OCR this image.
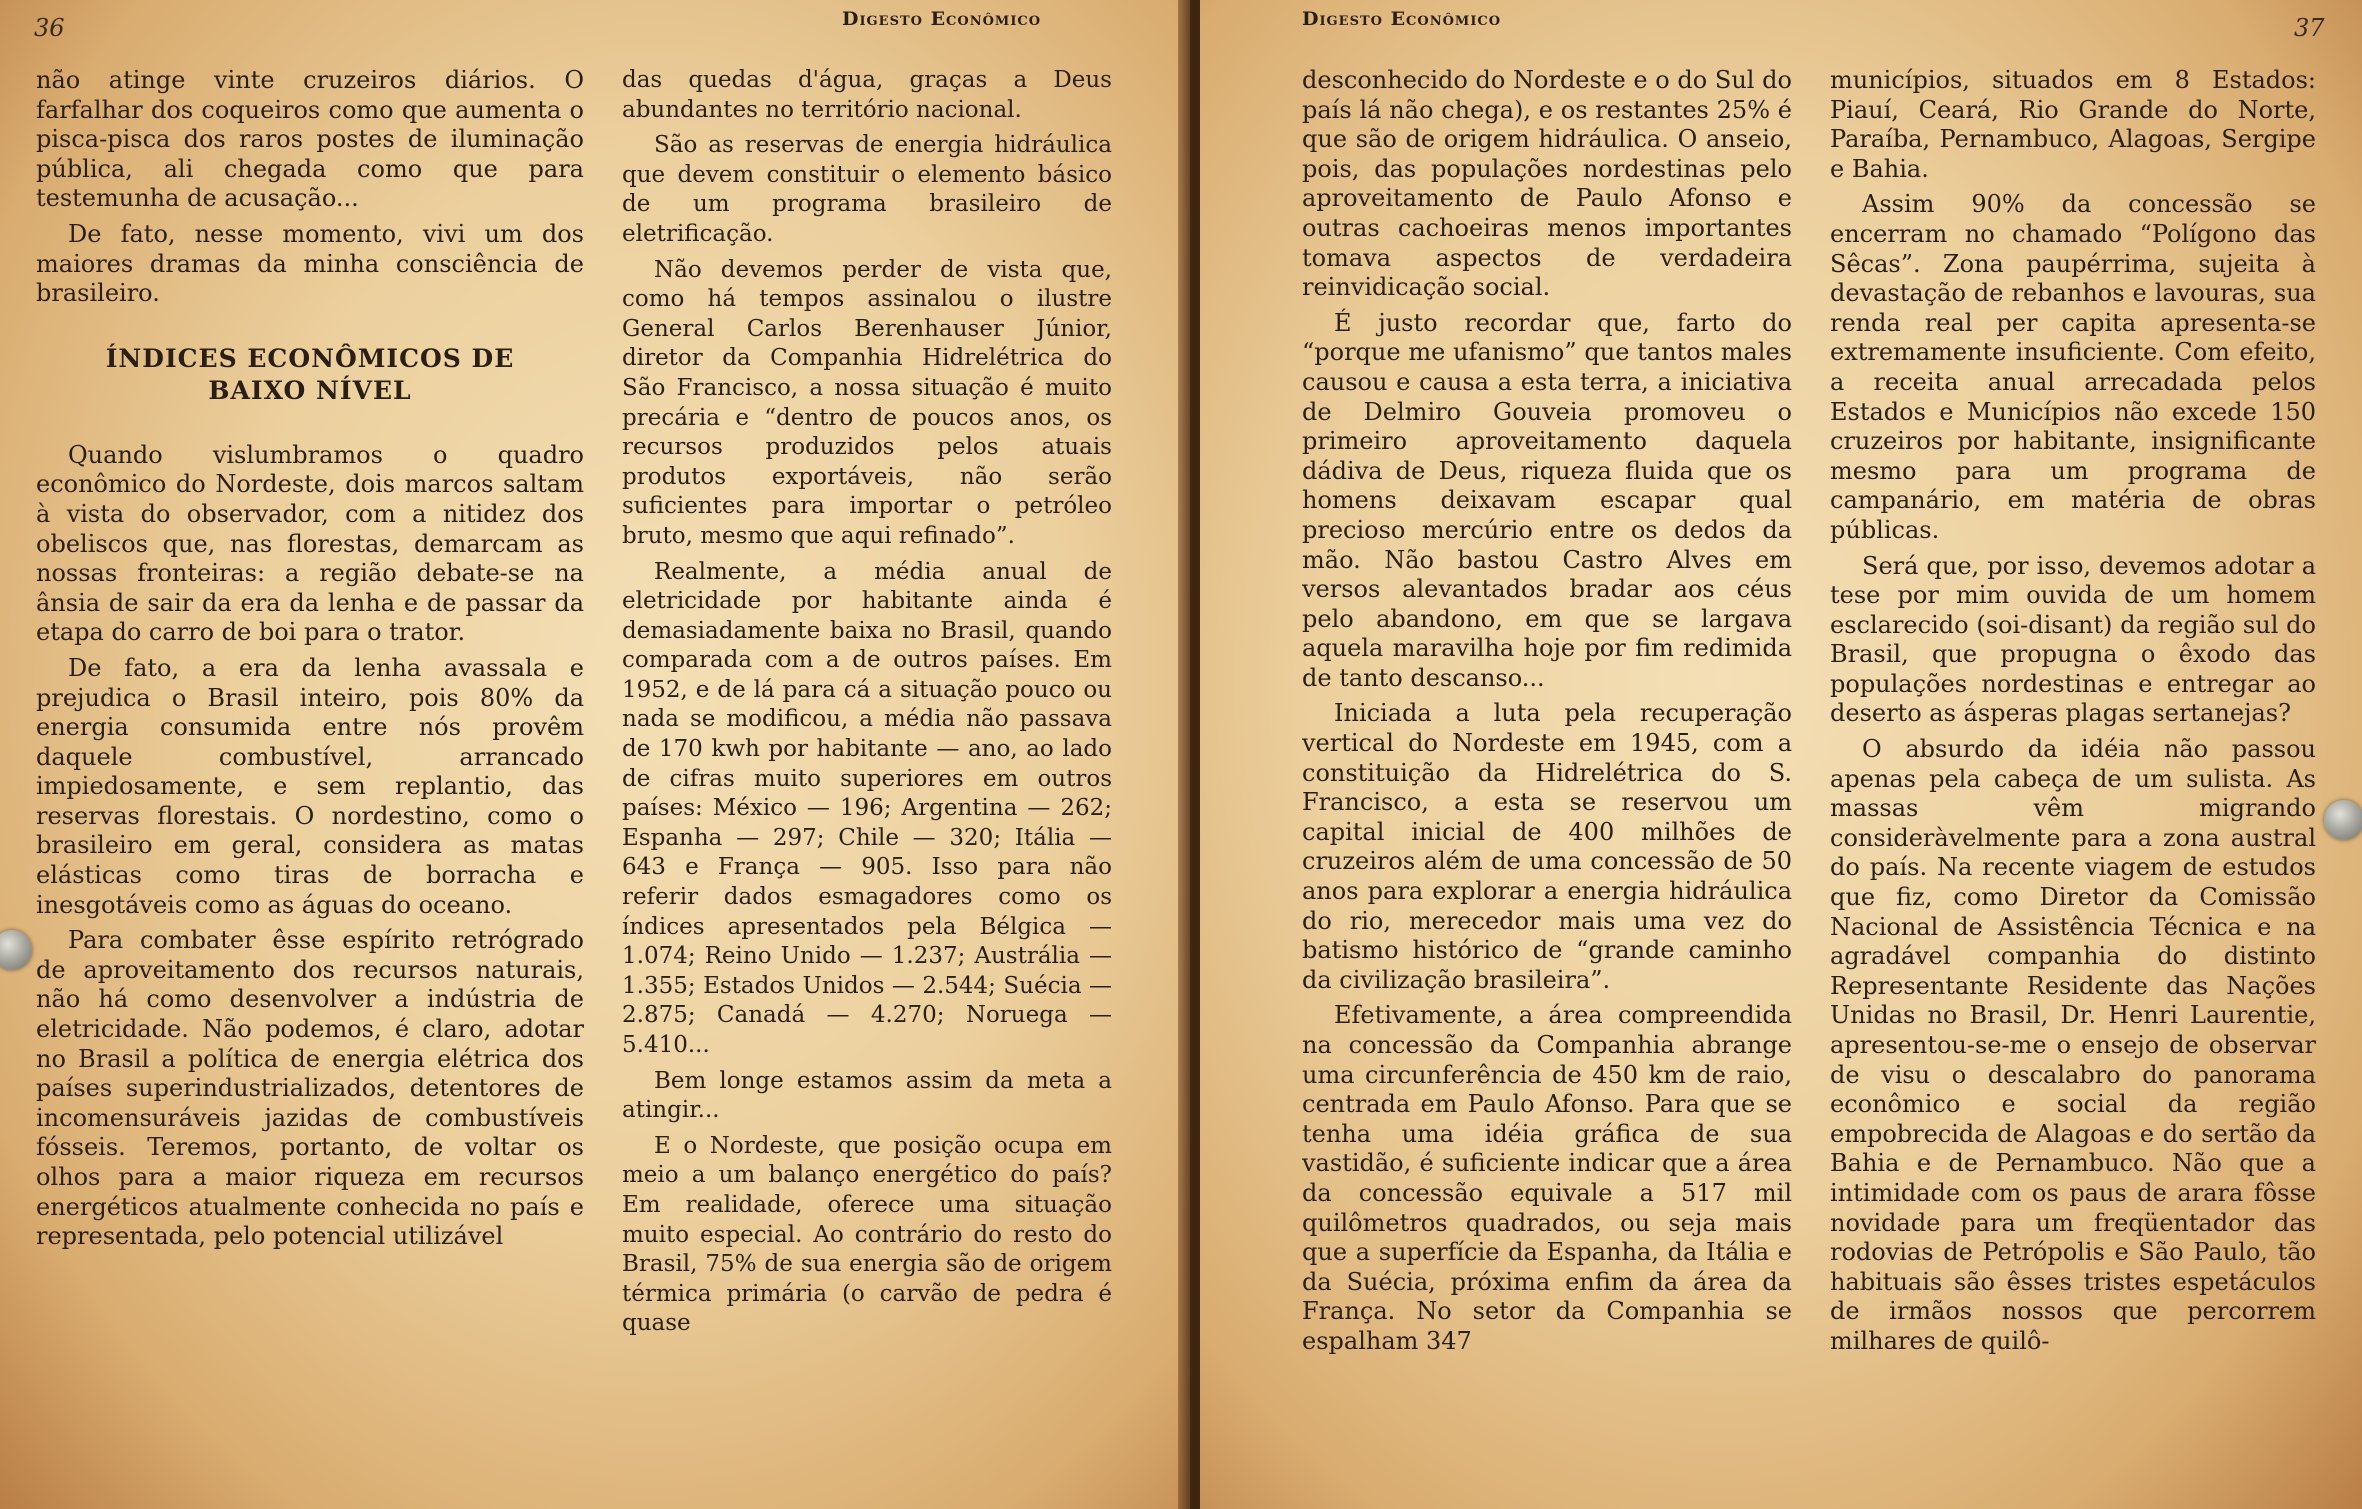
36	Digesto Econômico

não atinge vinte cruzeiros diários. O farfalhar dos coqueiros como que aumenta o pisca-pisca dos raros postes de iluminação pública, ali chegada como que para testemunha de acusação...

De fato, nesse momento, vivi um dos maiores dramas da minha consciência de brasileiro.

ÍNDICES ECONÔMICOS DE
BAIXO NÍVEL

Quando vislumbramos o quadro econômico do Nordeste, dois marcos saltam à vista do observador, com a nitidez dos obeliscos que, nas florestas, demarcam as nossas fronteiras: a região debate-se na ânsia de sair da era da lenha e de passar da etapa do carro de boi para o trator.

De fato, a era da lenha avassala e prejudica o Brasil inteiro, pois 80% da energia consumida entre nós provêm daquele combustível, arrancado impiedosamente, e sem replantio, das reservas florestais. O nordestino, como o brasileiro em geral, considera as matas elásticas como tiras de borracha e inesgotáveis como as águas do oceano.

Para combater êsse espírito retrógrado de aproveitamento dos recursos naturais, não há como desenvolver a indústria de eletricidade. Não podemos, é claro, adotar no Brasil a política de energia elétrica dos países superindustrializados, detentores de incomensuráveis jazidas de combustíveis fósseis. Teremos, portanto, de voltar os olhos para a maior riqueza em recursos energéticos atualmente conhecida no país e representada, pelo potencial utilizável

das quedas d'água, graças a Deus abundantes no território nacional.

São as reservas de energia hidráulica que devem constituir o elemento básico de um programa brasileiro de eletrificação.

Não devemos perder de vista que, como há tempos assinalou o ilustre General Carlos Berenhauser Júnior, diretor da Companhia Hidrelétrica do São Francisco, a nossa situação é muito precária e “dentro de poucos anos, os recursos produzidos pelos atuais produtos exportáveis, não serão suficientes para importar o petróleo bruto, mesmo que aqui refinado”.

Realmente, a média anual de eletricidade por habitante ainda é demasiadamente baixa no Brasil, quando comparada com a de outros países. Em 1952, e de lá para cá a situação pouco ou nada se modificou, a média não passava de 170 kwh por habitante — ano, ao lado de cifras muito superiores em outros países: México — 196; Argentina — 262; Espanha — 297; Chile — 320; Itália — 643 e França — 905. Isso para não referir dados esmagadores como os índices apresentados pela Bélgica — 1.074; Reino Unido — 1.237; Austrália — 1.355; Estados Unidos — 2.544; Suécia — 2.875; Canadá — 4.270; Noruega — 5.410...

Bem longe estamos assim da meta a atingir...

E o Nordeste, que posição ocupa em meio a um balanço energético do país? Em realidade, oferece uma situação muito especial. Ao contrário do resto do Brasil, 75% de sua energia são de origem térmica primária (o carvão de pedra é quase

Digesto Econômico	37

desconhecido do Nordeste e o do Sul do país lá não chega), e os restantes 25% é que são de origem hidráulica. O anseio, pois, das populações nordestinas pelo aproveitamento de Paulo Afonso e outras cachoeiras menos importantes tomava aspectos de verdadeira reinvidicação social.

É justo recordar que, farto do “porque me ufanismo” que tantos males causou e causa a esta terra, a iniciativa de Delmiro Gouveia promoveu o primeiro aproveitamento daquela dádiva de Deus, riqueza fluida que os homens deixavam escapar qual precioso mercúrio entre os dedos da mão. Não bastou Castro Alves em versos alevantados bradar aos céus pelo abandono, em que se largava aquela maravilha hoje por fim redimida de tanto descanso...

Iniciada a luta pela recuperação vertical do Nordeste em 1945, com a constituição da Hidrelétrica do S. Francisco, a esta se reservou um capital inicial de 400 milhões de cruzeiros além de uma concessão de 50 anos para explorar a energia hidráulica do rio, merecedor mais uma vez do batismo histórico de “grande caminho da civilização brasileira”.

Efetivamente, a área compreendida na concessão da Companhia abrange uma circunferência de 450 km de raio, centrada em Paulo Afonso. Para que se tenha uma idéia gráfica de sua vastidão, é suficiente indicar que a área da concessão equivale a 517 mil quilômetros quadrados, ou seja mais que a superfície da Espanha, da Itália e da Suécia, próxima enfim da área da França. No setor da Companhia se espalham 347

municípios, situados em 8 Estados: Piauí, Ceará, Rio Grande do Norte, Paraíba, Pernambuco, Alagoas, Sergipe e Bahia.

Assim 90% da concessão se encerram no chamado “Polígono das Sêcas”. Zona paupérrima, sujeita à devastação de rebanhos e lavouras, sua renda real per capita apresenta-se extremamente insuficiente. Com efeito, a receita anual arrecadada pelos Estados e Municípios não excede 150 cruzeiros por habitante, insignificante mesmo para um programa de campanário, em matéria de obras públicas.

Será que, por isso, devemos adotar a tese por mim ouvida de um homem esclarecido (soi-disant) da região sul do Brasil, que propugna o êxodo das populações nordestinas e entregar ao deserto as ásperas plagas sertanejas?

O absurdo da idéia não passou apenas pela cabeça de um sulista. As massas vêm migrando consideràvelmente para a zona austral do país. Na recente viagem de estudos que fiz, como Diretor da Comissão Nacional de Assistência Técnica e na agradável companhia do distinto Representante Residente das Nações Unidas no Brasil, Dr. Henri Laurentie, apresentou-se-me o ensejo de observar de visu o descalabro do panorama econômico e social da região empobrecida de Alagoas e do sertão da Bahia e de Pernambuco. Não que a intimidade com os paus de arara fôsse novidade para um freqüentador das rodovias de Petrópolis e São Paulo, tão habituais são êsses tristes espetáculos de irmãos nossos que percorrem milhares de quilô-
